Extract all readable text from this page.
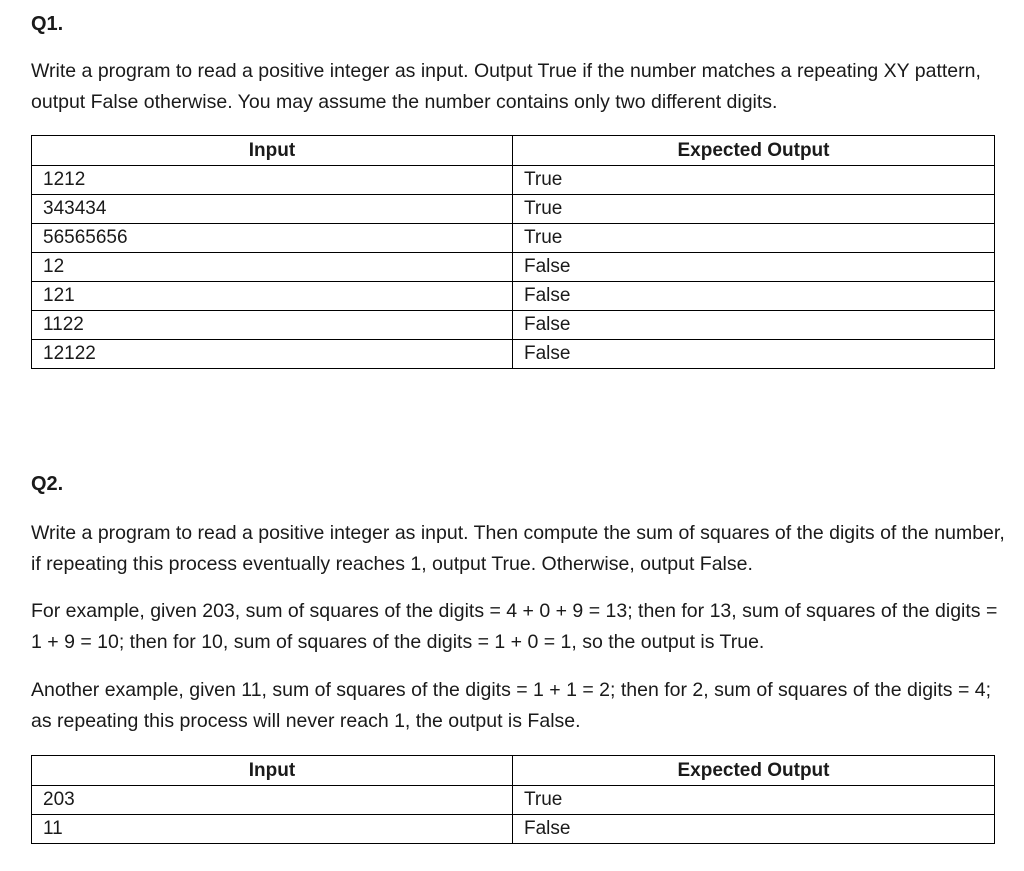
Q1.

Write a program to read a positive integer as input. Output True if the number matches a repeating XY pattern, output False otherwise. You may assume the number contains only two different digits.

Input	Expected Output
1212	True
343434	True
56565656	True
12	False
121	False
1122	False
12122	False
Q2.

Write a program to read a positive integer as input. Then compute the sum of squares of the digits of the number, if repeating this process eventually reaches 1, output True. Otherwise, output False.

For example, given 203, sum of squares of the digits = 4 + 0 + 9 = 13; then for 13, sum of squares of the digits = 1 + 9 = 10; then for 10, sum of squares of the digits = 1 + 0 = 1, so the output is True.

Another example, given 11, sum of squares of the digits = 1 + 1 = 2; then for 2, sum of squares of the digits = 4; as repeating this process will never reach 1, the output is False.

Input	Expected Output
203	True
11	False
